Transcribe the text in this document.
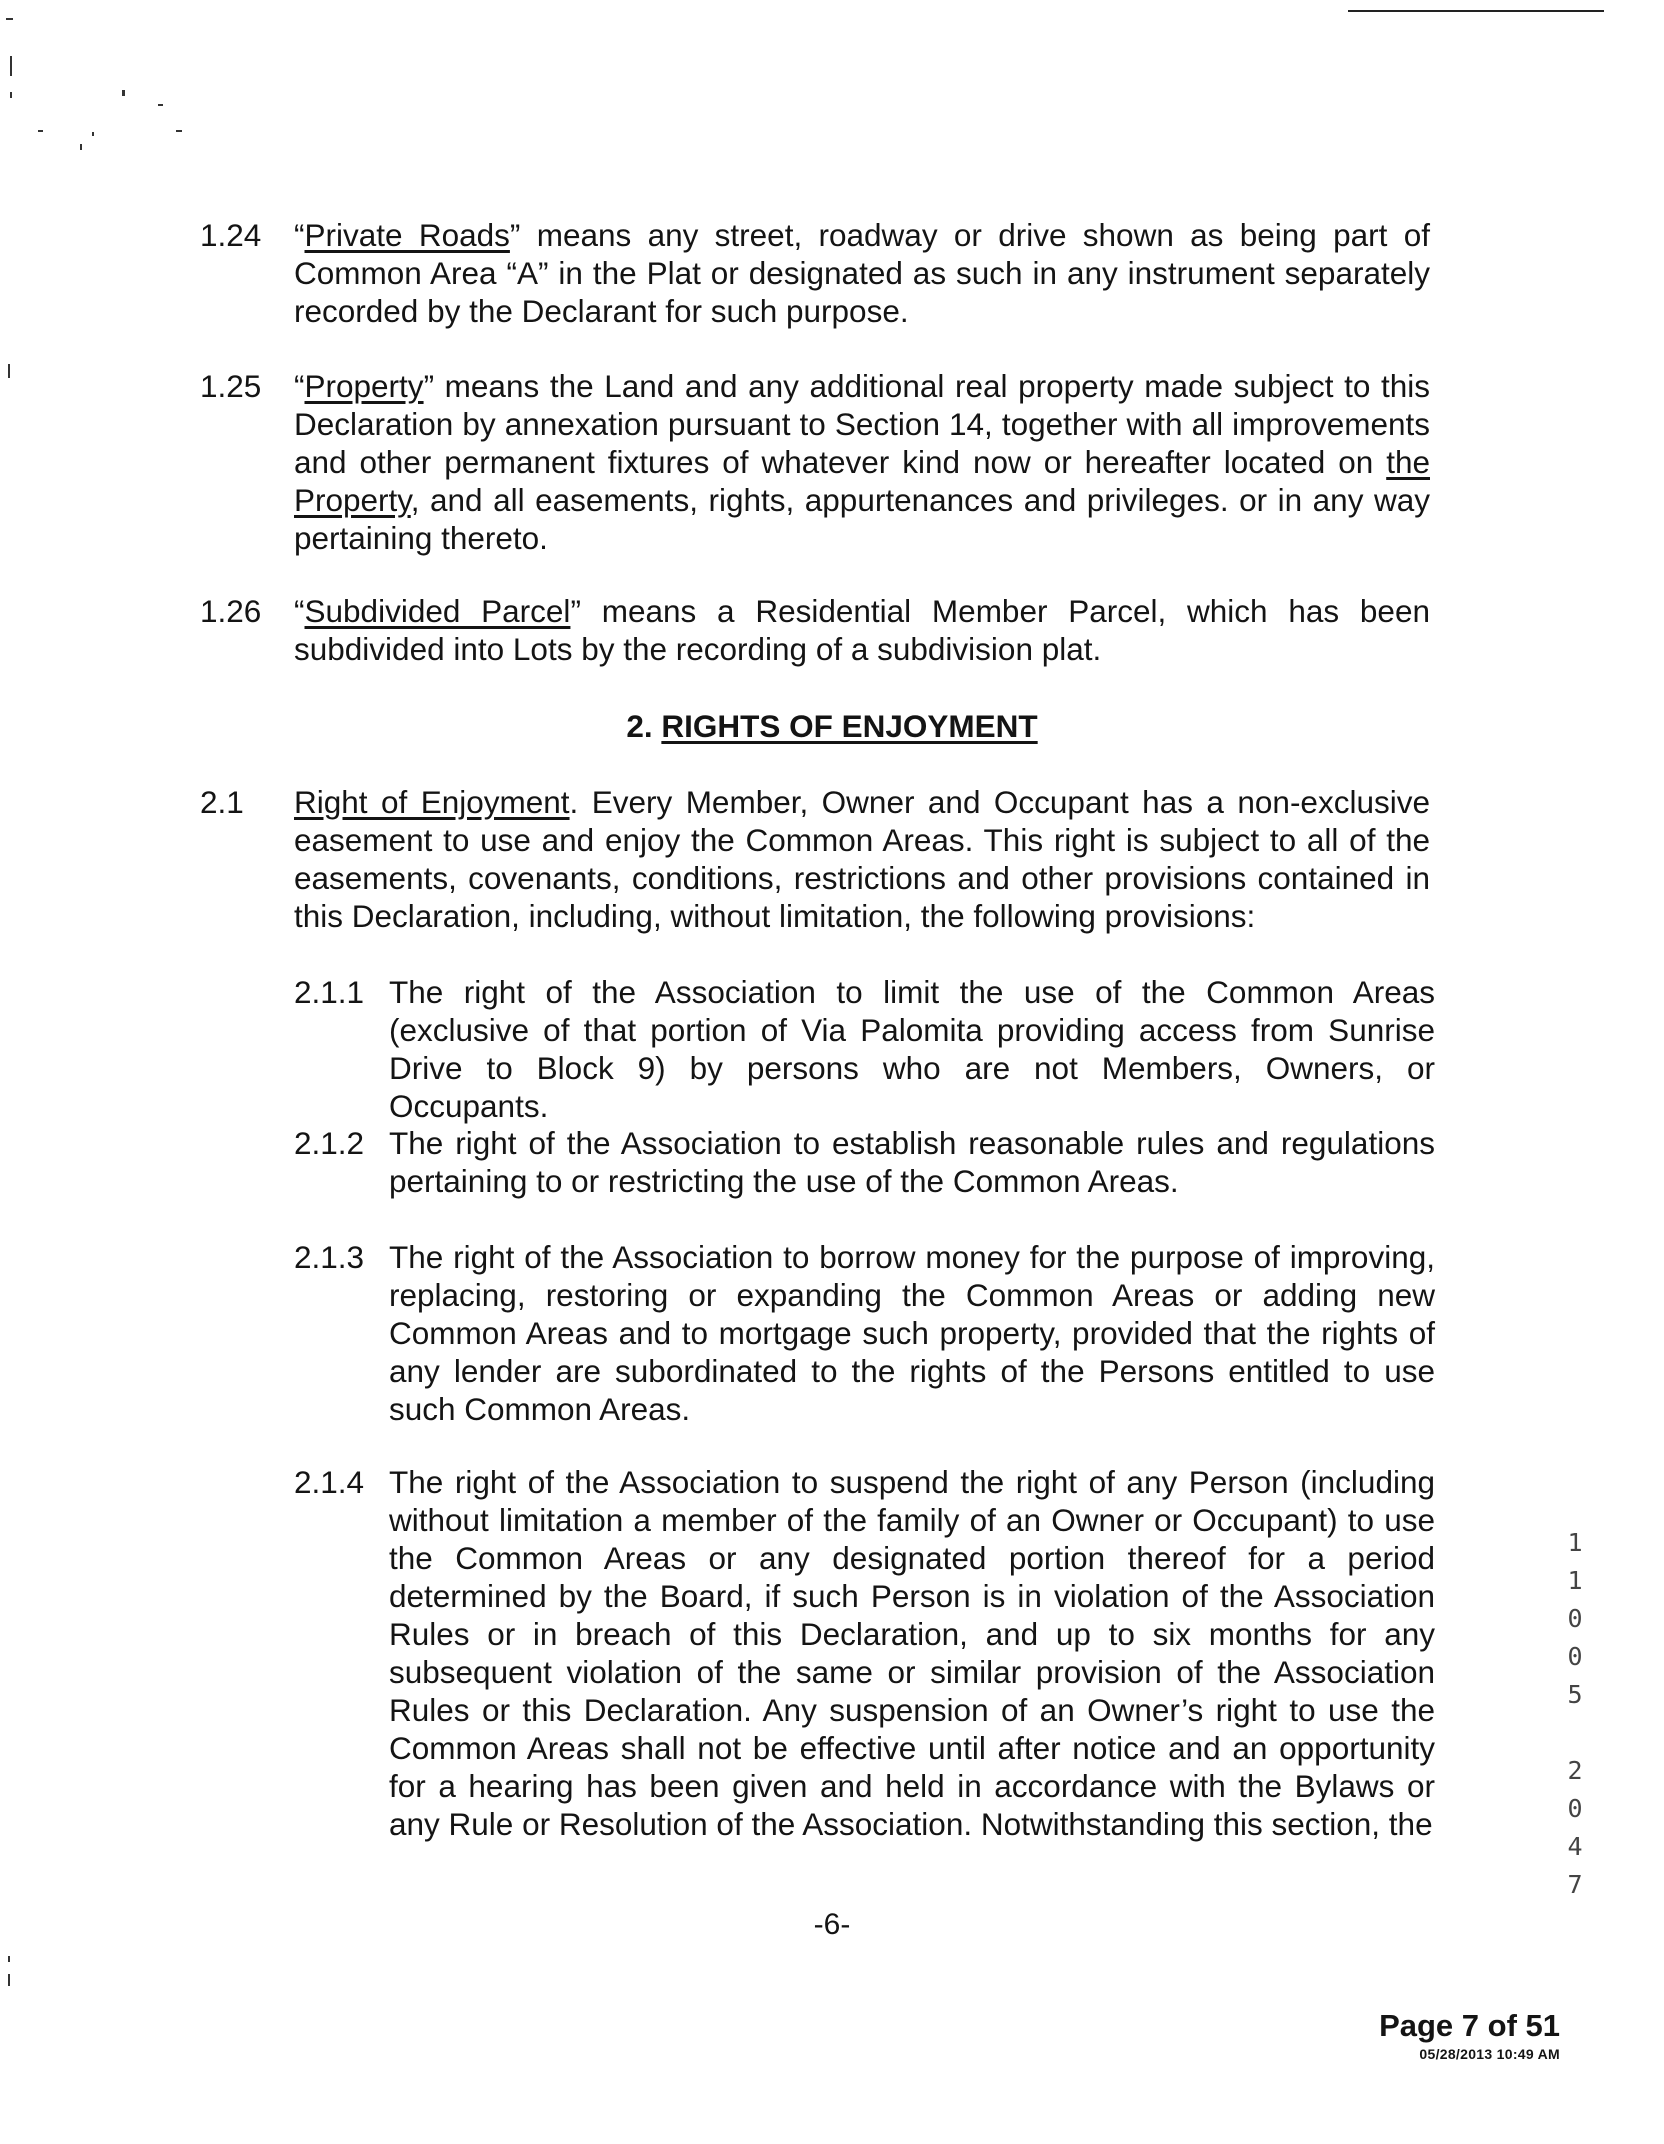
1.24 “Private Roads” means any street, roadway or drive shown as being part of Common Area “A” in the Plat or designated as such in any instrument separately recorded by the Declarant for such purpose.
1.25 “Property” means the Land and any additional real property made subject to this Declaration by annexation pursuant to Section 14, together with all improvements and other permanent fixtures of whatever kind now or hereafter located on the Property, and all easements, rights, appurtenances and privileges. or in any way pertaining thereto.
1.26 “Subdivided Parcel” means a Residential Member Parcel, which has been subdivided into Lots by the recording of a subdivision plat.
2. RIGHTS OF ENJOYMENT
2.1 Right of Enjoyment. Every Member, Owner and Occupant has a non-exclusive easement to use and enjoy the Common Areas. This right is subject to all of the easements, covenants, conditions, restrictions and other provisions contained in this Declaration, including, without limitation, the following provisions:
2.1.1 The right of the Association to limit the use of the Common Areas (exclusive of that portion of Via Palomita providing access from Sunrise Drive to Block 9) by persons who are not Members, Owners, or Occupants.
2.1.2 The right of the Association to establish reasonable rules and regulations pertaining to or restricting the use of the Common Areas.
2.1.3 The right of the Association to borrow money for the purpose of improving, replacing, restoring or expanding the Common Areas or adding new Common Areas and to mortgage such property, provided that the rights of any lender are subordinated to the rights of the Persons entitled to use such Common Areas.
2.1.4 The right of the Association to suspend the right of any Person (including without limitation a member of the family of an Owner or Occupant) to use the Common Areas or any designated portion thereof for a period determined by the Board, if such Person is in violation of the Association Rules or in breach of this Declaration, and up to six months for any subsequent violation of the same or similar provision of the Association Rules or this Declaration. Any suspension of an Owner’s right to use the Common Areas shall not be effective until after notice and an opportunity for a hearing has been given and held in accordance with the Bylaws or any Rule or Resolution of the Association. Notwithstanding this section, the
1
1
0
0
5
2
0
4
7
-6-
Page 7 of 51
05/28/2013 10:49 AM
